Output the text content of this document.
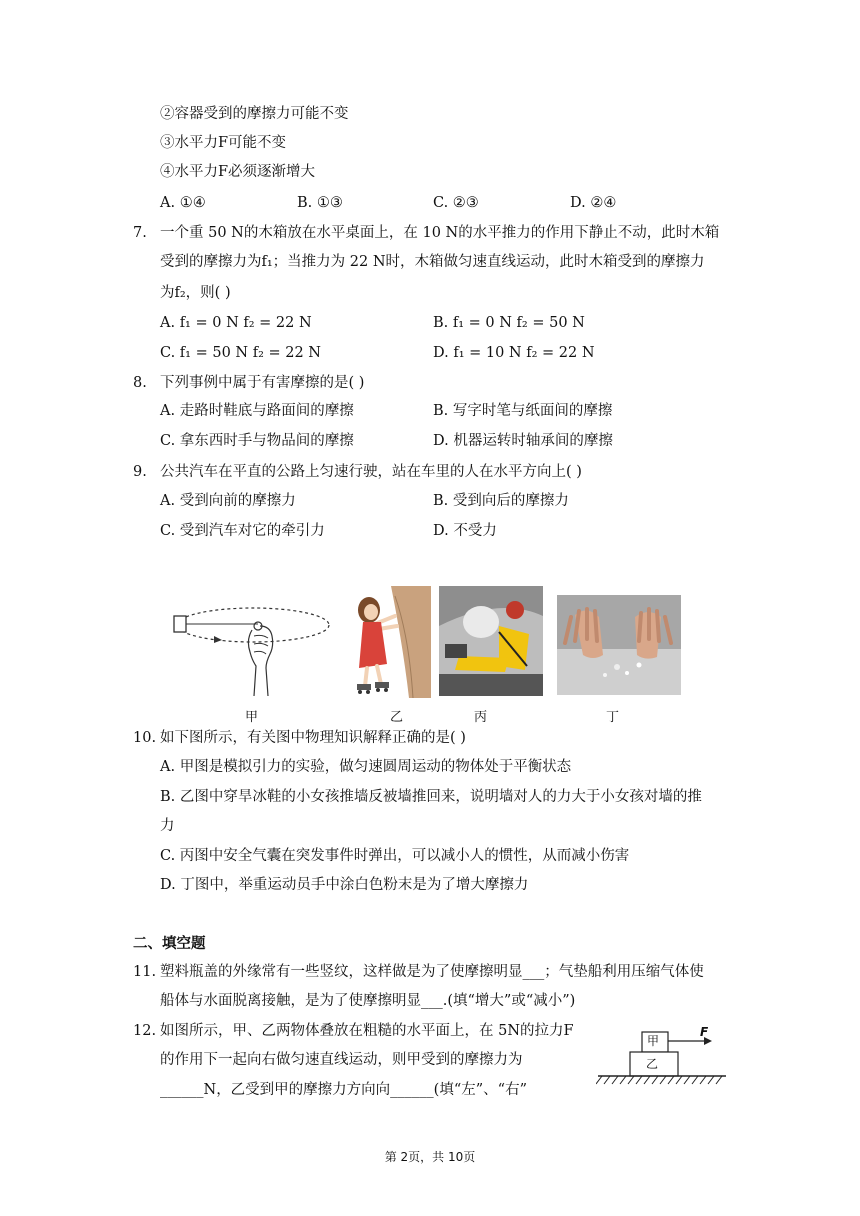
②容器受到的摩擦力可能不变
③水平力F可能不变
④水平力F必须逐渐增大
A. ①④	B. ①③	C. ②③	D. ②④
7. 一个重 50 N的木箱放在水平桌面上，在 10 N的水平推力的作用下静止不动，此时木箱
受到的摩擦力为f₁；当推力为 22 N时，木箱做匀速直线运动，此时木箱受到的摩擦力
为f₂，则( )
A. f₁ = 0 N f₂ = 22 N	B. f₁ = 0 N f₂ = 50 N
C. f₁ = 50 N f₂ = 22 N	D. f₁ = 10 N f₂ = 22 N
8. 下列事例中属于有害摩擦的是( )
A. 走路时鞋底与路面间的摩擦	B. 写字时笔与纸面间的摩擦
C. 拿东西时手与物品间的摩擦	D. 机器运转时轴承间的摩擦
9. 公共汽车在平直的公路上匀速行驶，站在车里的人在水平方向上( )
A. 受到向前的摩擦力	B. 受到向后的摩擦力
C. 受到汽车对它的牵引力	D. 不受力
甲	乙	丙	丁
10. 如下图所示，有关图中物理知识解释正确的是( )
A. 甲图是模拟引力的实验，做匀速圆周运动的物体处于平衡状态
B. 乙图中穿旱冰鞋的小女孩推墙反被墙推回来，说明墙对人的力大于小女孩对墙的推
力
C. 丙图中安全气囊在突发事件时弹出，可以减小人的惯性，从而减小伤害
D. 丁图中，举重运动员手中涂白色粉末是为了增大摩擦力
二、填空题
11. 塑料瓶盖的外缘常有一些竖纹，这样做是为了使摩擦明显___；气垫船利用压缩气体使
船体与水面脱离接触，是为了使摩擦明显___.(填“增大”或“减小”)
12. 如图所示，甲、乙两物体叠放在粗糙的水平面上，在 5N的拉力F
的作用下一起向右做匀速直线运动，则甲受到的摩擦力为
______N，乙受到甲的摩擦力方向向______(填“左”、“右”
甲
乙
F
第 2页，共 10页
